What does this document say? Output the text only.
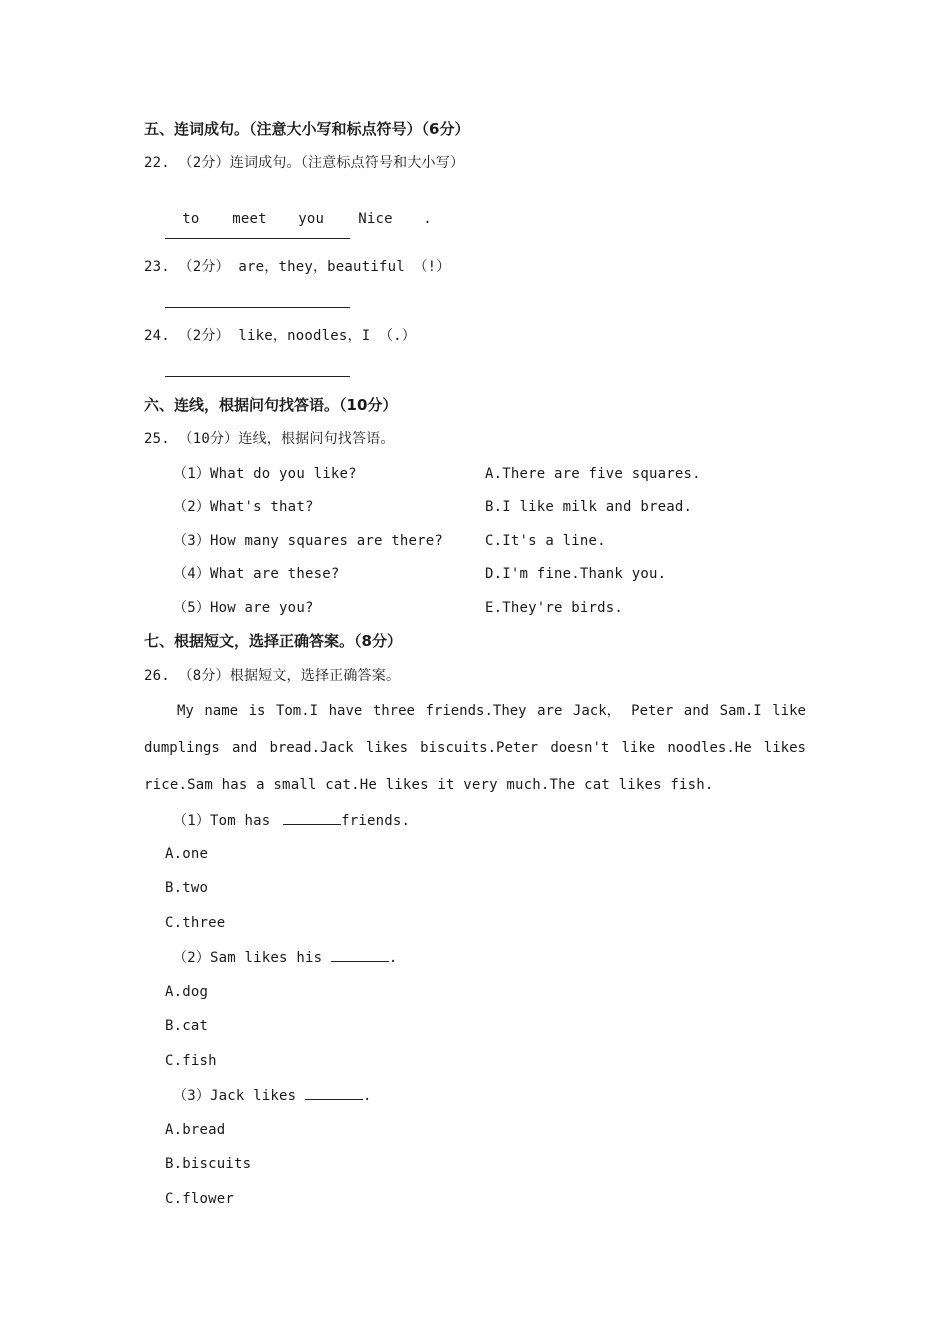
五、连词成句。（注意大小写和标点符号）（6分）
22. （2分）连词成句。（注意标点符号和大小写）

to meet you Nice .

23. （2分） are，they，beautiful （!）
24. （2分） like，noodles，I （.）
六、连线，根据问句找答语。（10分）
25. （10分）连线，根据问句找答语。
（1）What do you like?	A.There are five squares.
（2）What's that?	B.I like milk and bread.
（3）How many squares are there?	C.It's a line.
（4）What are these?	D.I'm fine.Thank you.
（5）How are you?	E.They're birds.
七、根据短文，选择正确答案。（8分）
26. （8分）根据短文，选择正确答案。
My name is Tom.I have three friends.They are Jack， Peter and Sam.I like
dumplings and bread.Jack likes biscuits.Peter doesn't like noodles.He likes
rice.Sam has a small cat.He likes it very much.The cat likes fish.
（1）Tom has	friends.
A.one
B.two
C.three
（2）Sam likes his	.
A.dog
B.cat
C.fish
（3）Jack likes	.
A.bread
B.biscuits
C.flower
